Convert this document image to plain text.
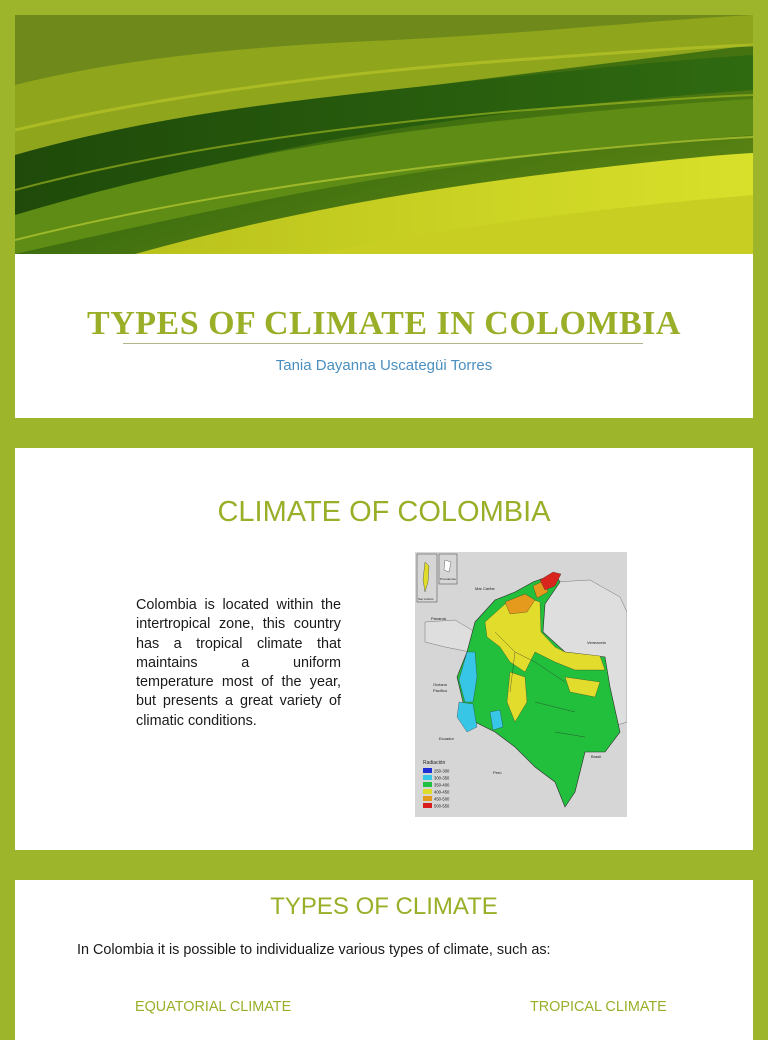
TYPES OF CLIMATE IN COLOMBIA
Tania Dayanna Uscategüi Torres
CLIMATE OF COLOMBIA

Colombia is located within the intertropical zone, this country has a tropical climate that maintains a uniform temperature most of the year, but presents a great variety of climatic conditions.

San Andres
Providencia
Mar Caribe
Panamá
Venezuela
Océano
Pacífico
Ecuador
Perú
Brasil
Radiación
250-300
300-350
350-400
400-450
450-500
500-550
TYPES OF CLIMATE

In Colombia it is possible to individualize various types of climate, such as:

EQUATORIAL CLIMATE	TROPICAL CLIMATE
